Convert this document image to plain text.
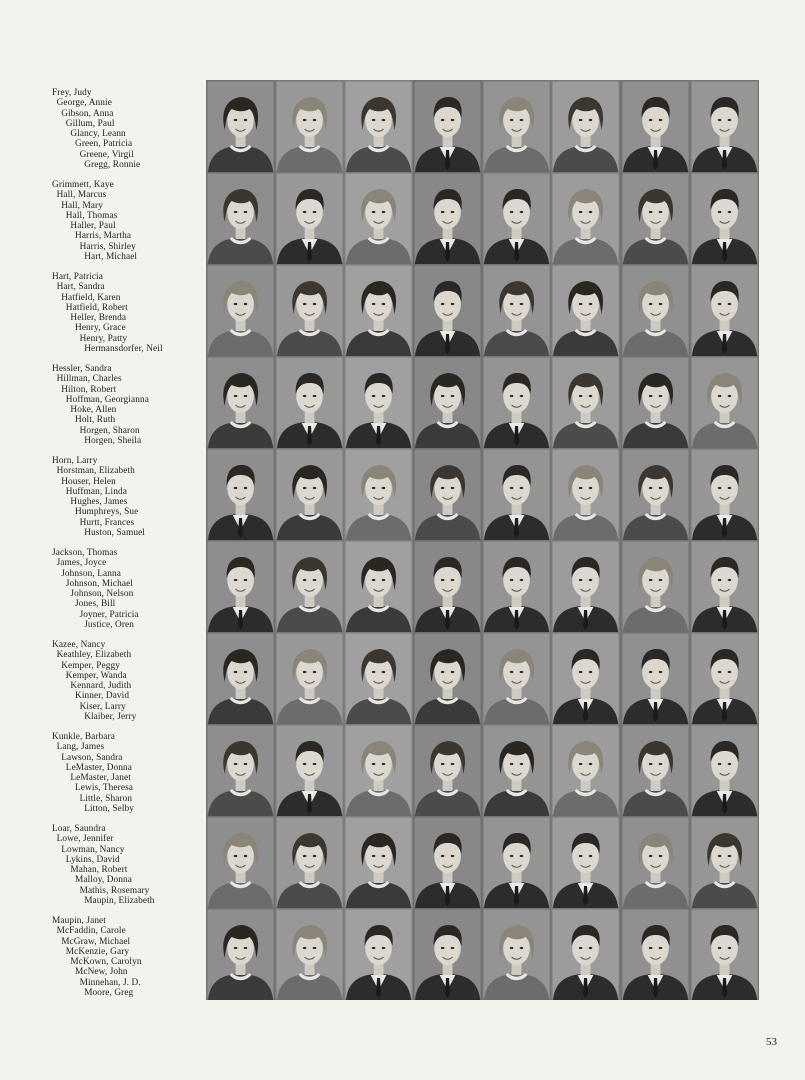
Frey, Judy
George, Annie
Gibson, Anna
Gillum, Paul
Glancy, Leann
Green, Patricia
Greene, Virgil
Gregg, Ronnie
Grimmett, Kaye
Hall, Marcus
Hall, Mary
Hall, Thomas
Haller, Paul
Harris, Martha
Harris, Shirley
Hart, Michael
Hart, Patricia
Hart, Sandra
Hatfield, Karen
Hatfield, Robert
Heller, Brenda
Henry, Grace
Henry, Patty
Hermansdorfer, Neil
Hessler, Sandra
Hillman, Charles
Hilton, Robert
Hoffman, Georgianna
Hoke, Allen
Holt, Ruth
Horgen, Sharon
Horgen, Sheila
Horn, Larry
Horstman, Elizabeth
Houser, Helen
Huffman, Linda
Hughes, James
Humphreys, Sue
Hurtt, Frances
Huston, Samuel
Jackson, Thomas
James, Joyce
Johnson, Lanna
Johnson, Michael
Johnson, Nelson
Jones, Bill
Joyner, Patricia
Justice, Oren
Kazee, Nancy
Keathley, Elizabeth
Kemper, Peggy
Kemper, Wanda
Kennard, Judith
Kinner, David
Kiser, Larry
Klaiber, Jerry
Kunkle, Barbara
Lang, James
Lawson, Sandra
LeMaster, Donna
LeMaster, Janet
Lewis, Theresa
Little, Sharon
Litton, Selby
Loar, Saundra
Lowe, Jennifer
Lowman, Nancy
Lykins, David
Mahan, Robert
Malloy, Donna
Mathis, Rosemary
Maupin, Elizabeth
Maupin, Janet
McFaddin, Carole
McGraw, Michael
McKenzie, Gary
McKown, Carolyn
McNew, John
Minnehan, J. D.
Moore, Greg
53
